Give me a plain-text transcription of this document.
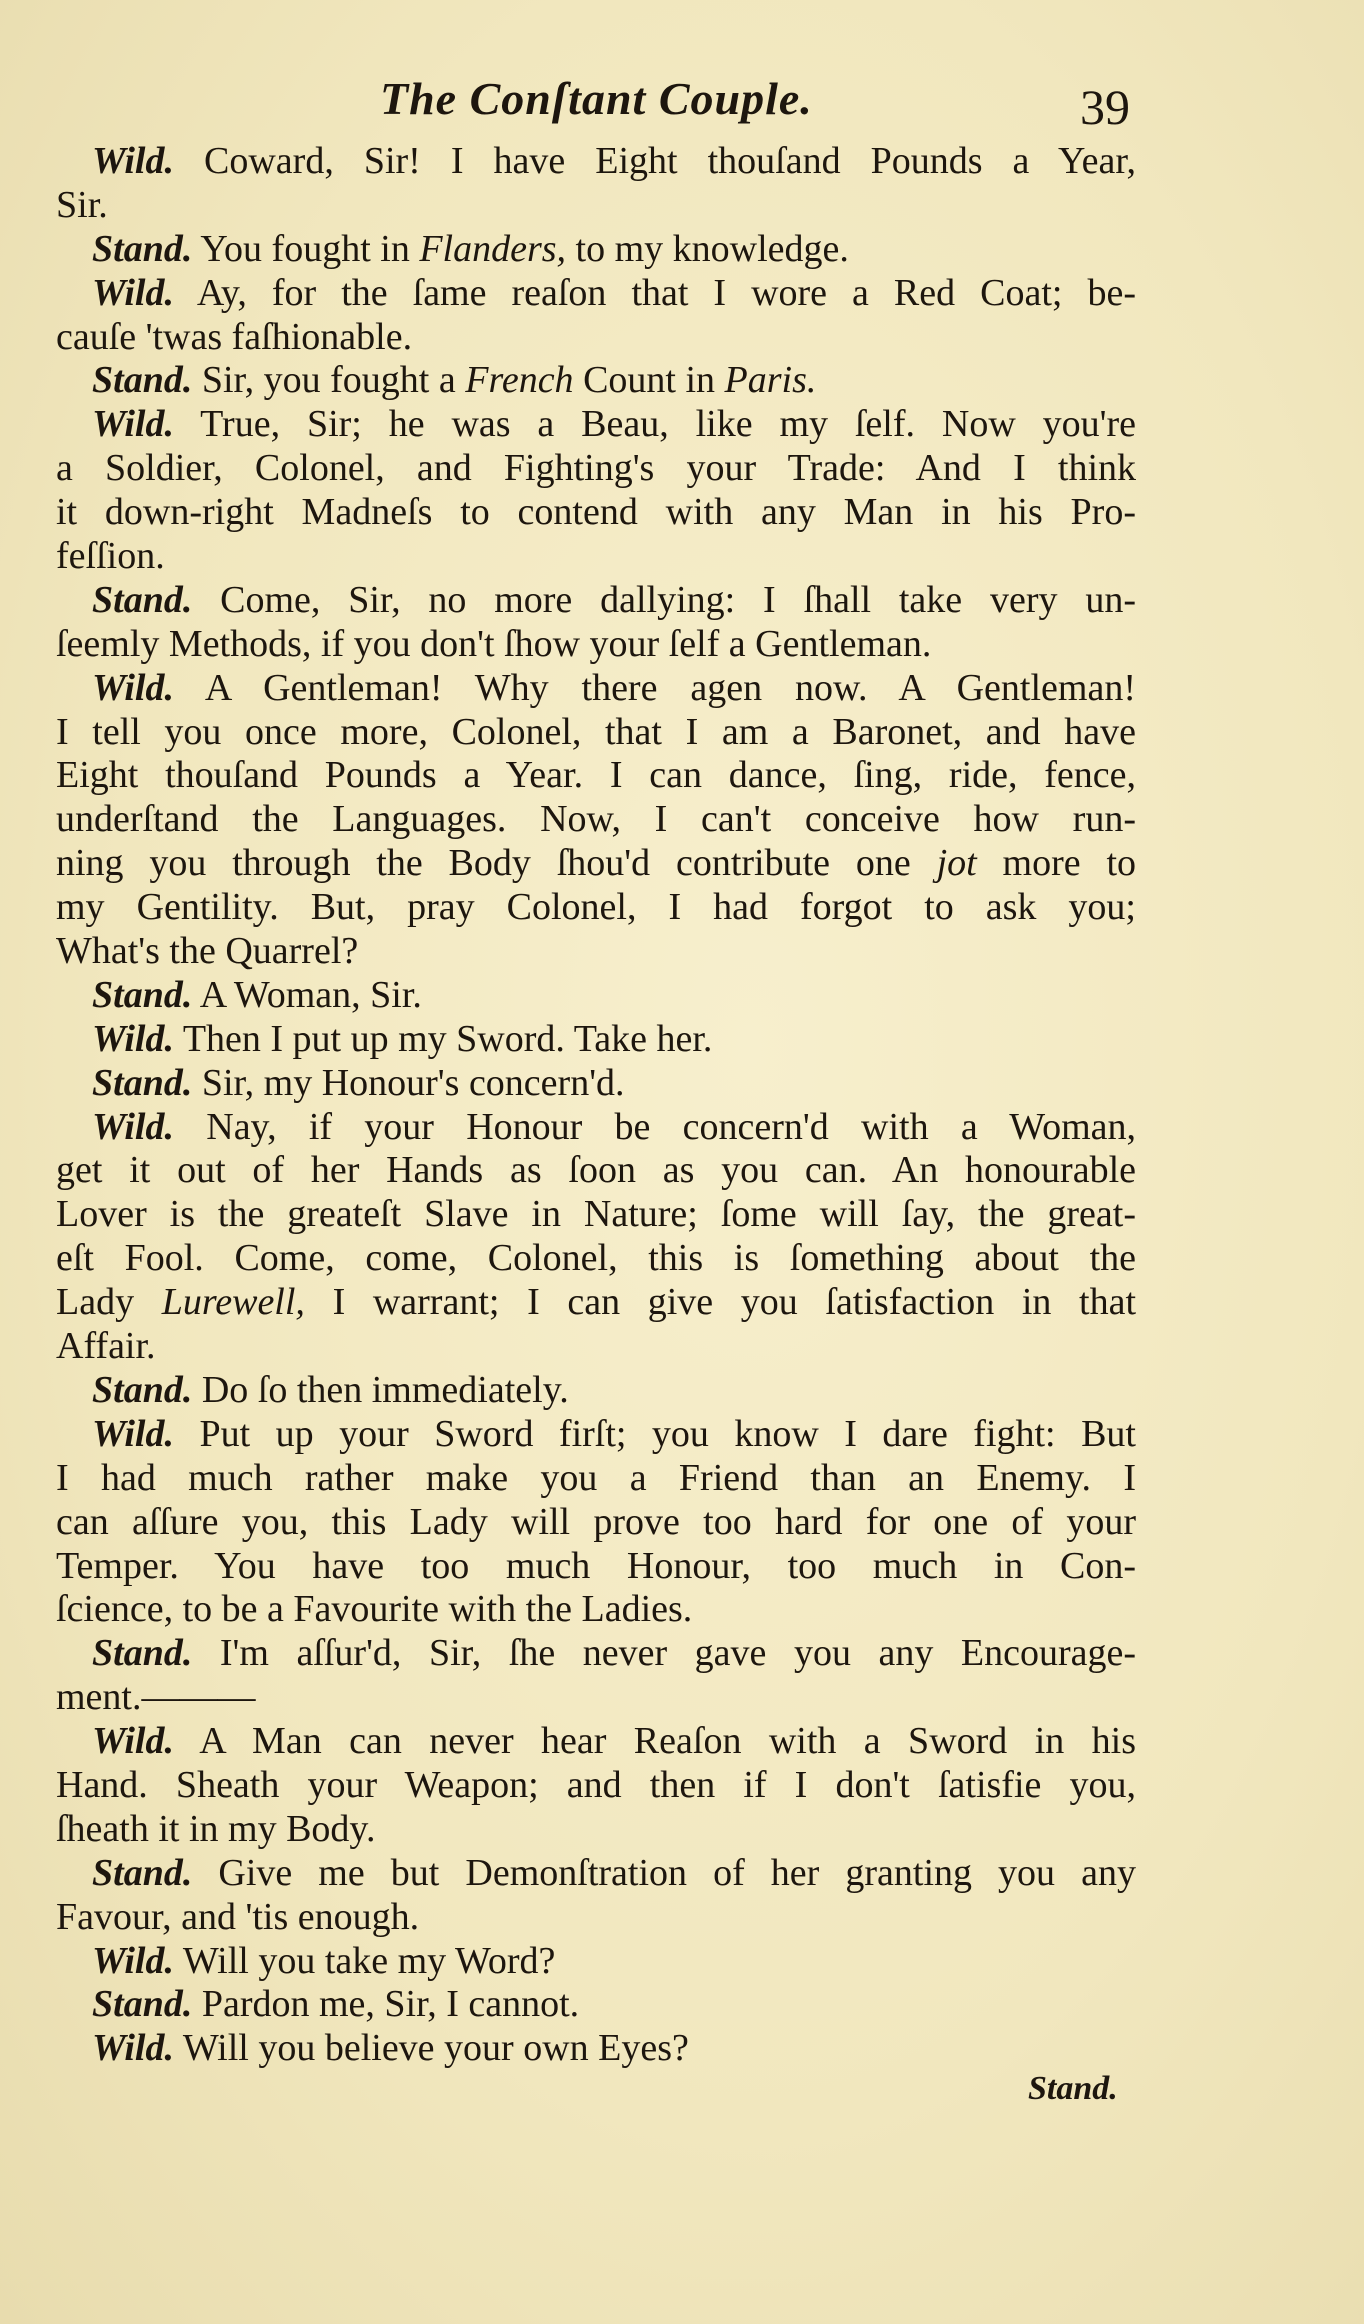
The Conſtant Couple.	39
Wild. Coward, Sir! I have Eight thouſand Pounds a Year,
Sir.
Stand. You fought in Flanders, to my knowledge.
Wild. Ay, for the ſame reaſon that I wore a Red Coat; be-
cauſe 'twas faſhionable.
Stand. Sir, you fought a French Count in Paris.
Wild. True, Sir; he was a Beau, like my ſelf. Now you're
a Soldier, Colonel, and Fighting's your Trade: And I think
it down-right Madneſs to contend with any Man in his Pro-
feſſion.
Stand. Come, Sir, no more dallying: I ſhall take very un-
ſeemly Methods, if you don't ſhow your ſelf a Gentleman.
Wild. A Gentleman! Why there agen now. A Gentleman!
I tell you once more, Colonel, that I am a Baronet, and have
Eight thouſand Pounds a Year. I can dance, ſing, ride, fence,
underſtand the Languages. Now, I can't conceive how run-
ning you through the Body ſhou'd contribute one jot more to
my Gentility. But, pray Colonel, I had forgot to ask you;
What's the Quarrel?
Stand. A Woman, Sir.
Wild. Then I put up my Sword. Take her.
Stand. Sir, my Honour's concern'd.
Wild. Nay, if your Honour be concern'd with a Woman,
get it out of her Hands as ſoon as you can. An honourable
Lover is the greateſt Slave in Nature; ſome will ſay, the great-
eſt Fool. Come, come, Colonel, this is ſomething about the
Lady Lurewell, I warrant; I can give you ſatisfaction in that
Affair.
Stand. Do ſo then immediately.
Wild. Put up your Sword firſt; you know I dare fight: But
I had much rather make you a Friend than an Enemy. I
can aſſure you, this Lady will prove too hard for one of your
Temper. You have too much Honour, too much in Con-
ſcience, to be a Favourite with the Ladies.
Stand. I'm aſſur'd, Sir, ſhe never gave you any Encourage-
ment.———
Wild. A Man can never hear Reaſon with a Sword in his
Hand. Sheath your Weapon; and then if I don't ſatisfie you,
ſheath it in my Body.
Stand. Give me but Demonſtration of her granting you any
Favour, and 'tis enough.
Wild. Will you take my Word?
Stand. Pardon me, Sir, I cannot.
Wild. Will you believe your own Eyes?
Stand.
